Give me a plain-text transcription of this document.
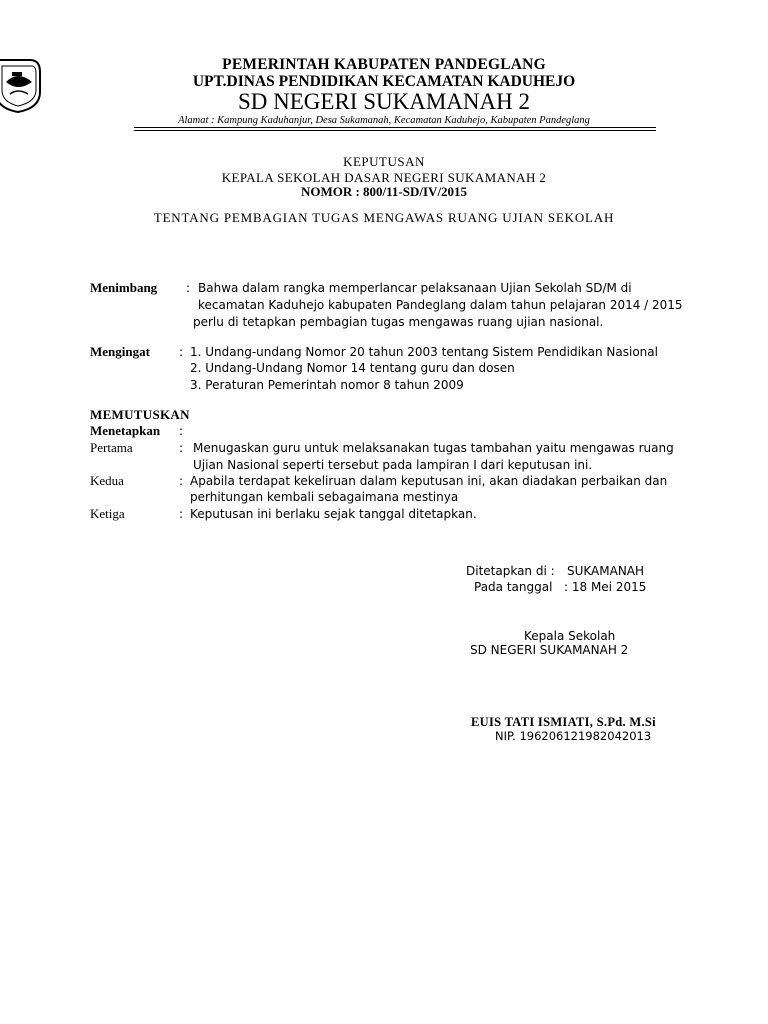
PEMERINTAH KABUPATEN PANDEGLANG
UPT.DINAS PENDIDIKAN KECAMATAN KADUHEJO
SD NEGERI SUKAMANAH 2
Alamat : Kampung Kaduhanjur, Desa Sukamanah, Kecamatan Kaduhejo, Kabupaten Pandeglang
KEPUTUSAN
KEPALA SEKOLAH DASAR NEGERI SUKAMANAH 2
NOMOR : 800/11-SD/IV/2015
TENTANG PEMBAGIAN TUGAS MENGAWAS RUANG UJIAN SEKOLAH
Menimbang : Bahwa dalam rangka memperlancar pelaksanaan Ujian Sekolah SD/M di
kecamatan Kaduhejo kabupaten Pandeglang dalam tahun pelajaran 2014 / 2015
perlu di tetapkan pembagian tugas mengawas ruang ujian nasional.
Mengingat : 1. Undang-undang Nomor 20 tahun 2003 tentang Sistem Pendidikan Nasional
2. Undang-Undang Nomor 14 tentang guru dan dosen
3. Peraturan Pemerintah nomor 8 tahun 2009
MEMUTUSKAN
Menetapkan :
Pertama	: Menugaskan guru untuk melaksanakan tugas tambahan yaitu mengawas ruang
Ujian Nasional seperti tersebut pada lampiran I dari keputusan ini.
Kedua	: Apabila terdapat kekeliruan dalam keputusan ini, akan diadakan perbaikan dan
perhitungan kembali sebagaimana mestinya
Ketiga	: Keputusan ini berlaku sejak tanggal ditetapkan.
Ditetapkan di : SUKAMANAH
Pada tanggal : 18 Mei 2015
Kepala Sekolah
SD NEGERI SUKAMANAH 2
EUIS TATI ISMIATI, S.Pd. M.Si
NIP. 196206121982042013
